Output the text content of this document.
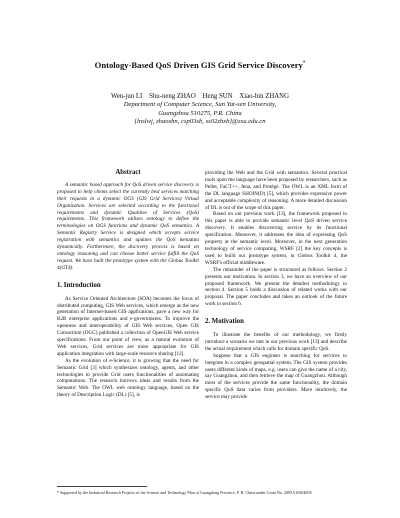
Ontology-Based QoS Driven GIS Grid Service Discovery*
Wen-jun LI    Shu-neng ZHAO    Heng SUN    Xiao-bin ZHANG
Department of Computer Science, Sun Yat-sen University,
Guangzhou 510275, P.R. China
{lnslwj, zhaoshn, csp03sh, ss02zhxb}@zsu.edu.cn
Abstract

A semantic based approach for QoS driven service discovery is proposed to help clients select the currently best services matching their requests in a dynamic OGS (GIS Grid Services) Virtual Organization. Services are selected according to the functional requirements and dynamic Qualities of Services (QoS) requirements. This framework utilizes ontology to define the terminologies on OGS functions and dynamic QoS semantics. A Semantic Registry Service is designed which accepts service registration with semantics and updates the QoS metadata dynamically. Furthermore, the discovery process is based on ontology reasoning and can choose better service fulfill the QoS request. We have built the prototype system with the Globus Toolkit 4(GT4).

1. Introduction

As Service Oriented Architecture (SOA) becomes the focus of distributed computing, GIS Web services, which emerge as the new generation of Internet-based GIS applications, pave a new way for B2B enterprise applications and e-governments. To improve the openness and interoperability of GIS Web services, Open GIS Consortium (OGC) published a collection of OpenGIS Web service specifications. From our point of view, as a natural evolution of Web services, Grid services are more appropriate for GIS application integration with large-scale resource sharing [12].

As the evolution of e-Science, it is growing that the need for Semantic Grid [3] which synthesizes ontology, agents, and other technologies to provide Grid users functionalities of automating computations. The research burrows ideas and results from the Semantic Web. The OWL web ontology language, based on the theory of Description Logic (DL) [5], is

providing the Web and the Grid with semantics. Several practical tools upon the language have been proposed by researchers, such as Pellet, FaCT++, Jena, and Protégé. The OWL is an XML form of the DL language SHOIN(D) [5], which provides expressive power and acceptable complexity of reasoning. A more detailed discussion of DL is out of the scope of this paper.

Based on our previous work [13], the framework proposed in this paper is able to provide semantic level QoS driven service discovery. It enables discovering service by its functional specification. Moreover, it addresses the idea of expressing QoS property at the semantic level. Moreover, in the next generation technology of service computing, WSRF [2] the key concepts is used to build our prototype system, in Globus Toolkit 4, the WSRF's official middleware.

The remainder of the paper is structured as follows. Section 2 presents our motivation. In section 3, we have an overview of our proposed framework. We present the detailed methodology in section 4. Section 5 holds a discussion of related works with our proposal. The paper concludes and takes an outlook of the future work in section 6.

2. Motivation

To illustrate the benefits of our methodology, we firstly introduce a scenario we met in our previous work [13] and describe the actual requirement which calls for domain specific QoS.

Suppose that a GIS engineer is searching for services to integrate in a complex geospatial system. The GIS system provides users different kinds of maps, e.g. users can give the name of a city, say Guangzhou, and then retrieve the map of Guangzhou. Although most of the services provide the same functionality, the domain specific QoS data varies from providers. More intuitively, the service may provide

* Supported by the Industrial Research Projects of the Science and Technology Plan of Guangdong Province, P. R. China under Grant No. 2005A10304003.
